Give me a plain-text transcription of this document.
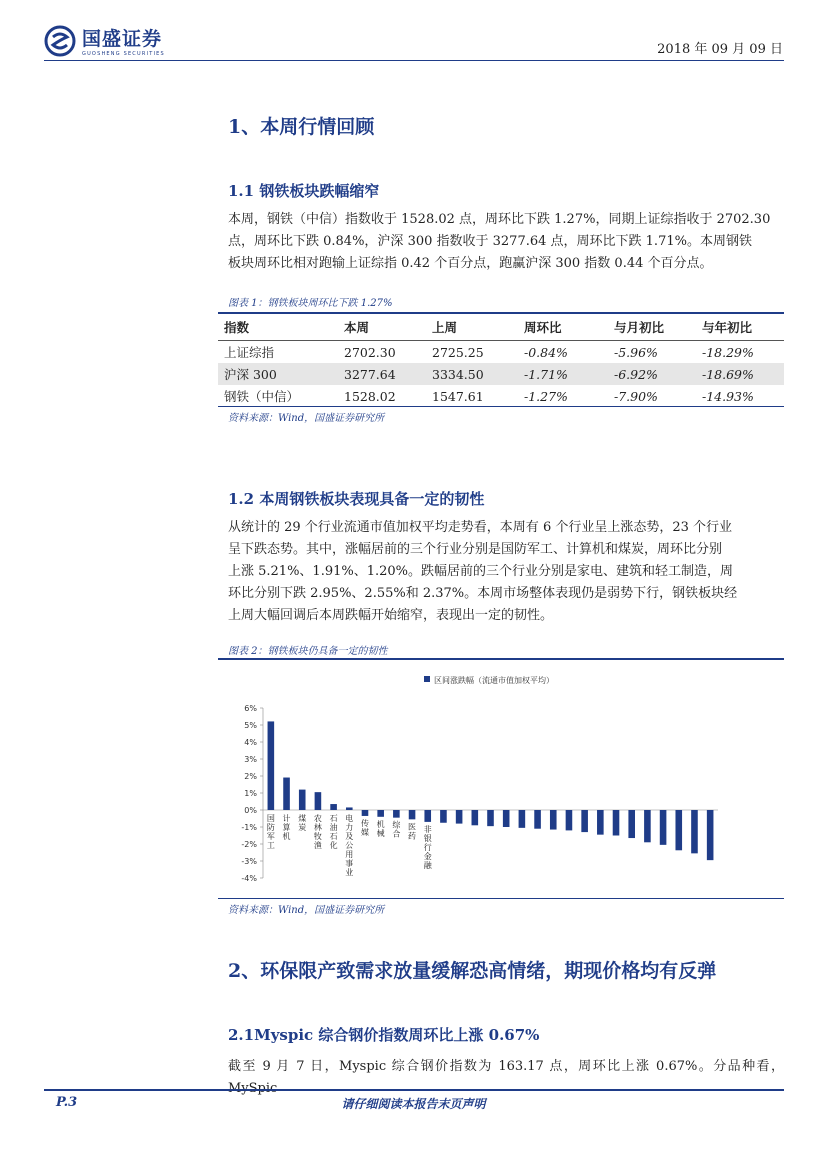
国盛证券
GUOSHENG SECURITIES	2018 年 09 月 09 日
1、本周行情回顾
1.1 钢铁板块跌幅缩窄
本周，钢铁（中信）指数收于 1528.02 点，周环比下跌 1.27%，同期上证综指收于 2702.30
点，周环比下跌 0.84%，沪深 300 指数收于 3277.64 点，周环比下跌 1.71%。本周钢铁
板块周环比相对跑输上证综指 0.42 个百分点，跑赢沪深 300 指数 0.44 个百分点。
图表 1：钢铁板块周环比下跌 1.27%
指数	本周	上周	周环比	与月初比	与年初比
上证综指	2702.30	2725.25	-0.84%	-5.96%	-18.29%
沪深 300	3277.64	3334.50	-1.71%	-6.92%	-18.69%
钢铁（中信）	1528.02	1547.61	-1.27%	-7.90%	-14.93%
资料来源：Wind，国盛证券研究所
1.2 本周钢铁板块表现具备一定的韧性
从统计的 29 个行业流通市值加权平均走势看，本周有 6 个行业呈上涨态势，23 个行业
呈下跌态势。其中，涨幅居前的三个行业分别是国防军工、计算机和煤炭，周环比分别
上涨 5.21%、1.91%、1.20%。跌幅居前的三个行业分别是家电、建筑和轻工制造，周
环比分别下跌 2.95%、2.55%和 2.37%。本周市场整体表现仍是弱势下行，钢铁板块经
上周大幅回调后本周跌幅开始缩窄，表现出一定的韧性。
图表 2：钢铁板块仍具备一定的韧性
区间涨跌幅（流通市值加权平均）
6%
5%
4%
3%
2%
1%
0%
-1%
-2%
-3%
-4%
国防军工
计算机
煤炭
农林牧渔
石油石化
电力及公用事业
传媒
机械
综合
医药
非银行金融
资料来源：Wind，国盛证券研究所
2、环保限产致需求放量缓解恐高情绪，期现价格均有反弹
2.1Myspic 综合钢价指数周环比上涨 0.67%
截至 9 月 7 日，Myspic 综合钢价指数为 163.17 点，周环比上涨 0.67%。分品种看，
P.3	请仔细阅读本报告末页声明
